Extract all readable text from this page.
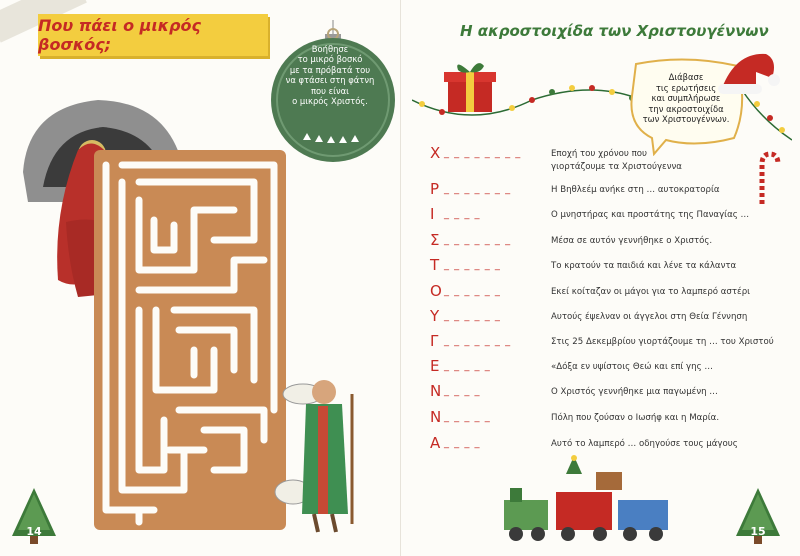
Που πάει ο μικρός βοσκός;	Βοήθησε
το μικρό βοσκό
με τα πρόβατά του
να φτάσει στη φάτνη
που είναι
ο μικρός Χριστός.
14
Η ακροστοιχίδα των Χριστουγέννων
Διάβασε
τις ερωτήσεις
και συμπλήρωσε
την ακροστοιχίδα
των Χριστουγέννων.
Χ _ _ _ _ _ _ _ _	Εποχή του χρόνου που
γιορτάζουμε τα Χριστούγεννα
Ρ _ _ _ _ _ _ _	Η Βηθλεέμ ανήκε στη … αυτοκρατορία
Ι _ _ _ _	Ο μνηστήρας και προστάτης της Παναγίας …
Σ _ _ _ _ _ _ _	Μέσα σε αυτόν γεννήθηκε ο Χριστός.
Τ _ _ _ _ _ _	Το κρατούν τα παιδιά και λένε τα κάλαντα
Ο _ _ _ _ _ _	Εκεί κοίταζαν οι μάγοι για το λαμπερό αστέρι
Υ _ _ _ _ _ _	Αυτούς έψελναν οι άγγελοι στη Θεία Γέννηση
Γ _ _ _ _ _ _ _	Στις 25 Δεκεμβρίου γιορτάζουμε τη … του Χριστού
Ε _ _ _ _ _	«Δόξα εν υψίστοις Θεώ και επί γης …
Ν _ _ _ _	Ο Χριστός γεννήθηκε μια παγωμένη …
Ν _ _ _ _ _	Πόλη που ζούσαν ο Ιωσήφ και η Μαρία.
Α _ _ _ _	Αυτό το λαμπερό … οδηγούσε τους μάγους
15
